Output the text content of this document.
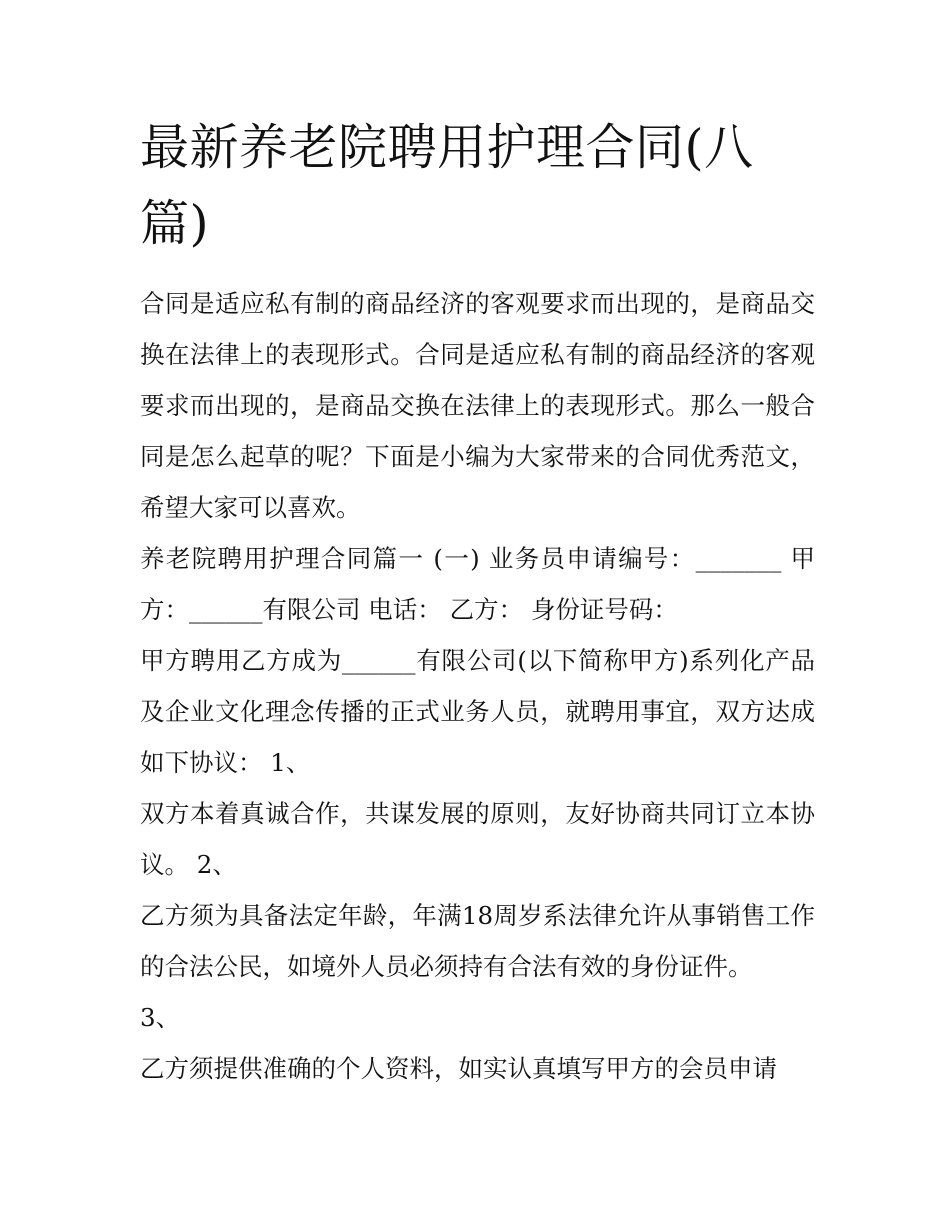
最新养老院聘用护理合同(八篇)

合同是适应私有制的商品经济的客观要求而出现的，是商品交换在法律上的表现形式。合同是适应私有制的商品经济的客观要求而出现的，是商品交换在法律上的表现形式。那么一般合同是怎么起草的呢？下面是小编为大家带来的合同优秀范文，希望大家可以喜欢。

养老院聘用护理合同篇一 (一) 业务员申请编号：_______ 甲方：______有限公司 电话： 乙方： 身份证号码：

甲方聘用乙方成为______有限公司(以下简称甲方)系列化产品及企业文化理念传播的正式业务人员，就聘用事宜，双方达成如下协议： 1、

双方本着真诚合作，共谋发展的原则，友好协商共同订立本协议。 2、

乙方须为具备法定年龄，年满18周岁系法律允许从事销售工作的合法公民，如境外人员必须持有合法有效的身份证件。

3、

乙方须提供准确的个人资料，如实认真填写甲方的会员申请
